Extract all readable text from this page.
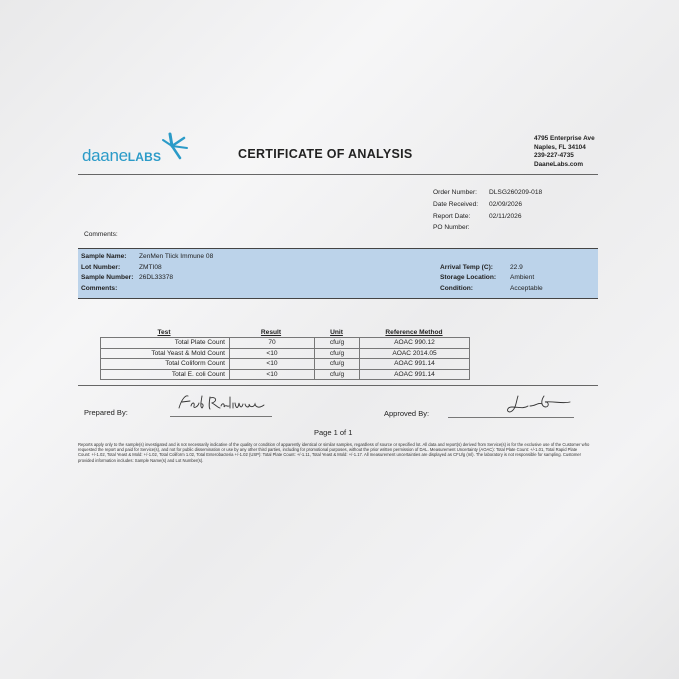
daaneLABS	CERTIFICATE OF ANALYSIS
4795 Enterprise Ave
Naples, FL 34104
239-227-4735
DaaneLabs.com
Order Number:	DLSG260209-018
Date Received:	02/09/2026
Report Date:	02/11/2026
PO Number:
Comments:
Sample Name:	ZenMen Tlick Immune 08
Lot Number:	ZMTI08
Sample Number: 26DL33378
Comments:
Arrival Temp (C):	22.9
Storage Location:	Ambient
Condition:	Acceptable
Test	Result	Unit	Reference Method
Total Plate Count	70	cfu/g	AOAC 990.12
Total Yeast & Mold Count	<10	cfu/g	AOAC 2014.05
Total Coliform Count	<10	cfu/g	AOAC 991.14
Total E. coli Count	<10	cfu/g	AOAC 991.14
Prepared By:	Approved By:
Page 1 of 1
Reports apply only to the sample(s) investigated and is not necessarily indicative of the quality or condition of apparently identical or similar samples, regardless of source or specified lot. All data and report(s) derived from Service(s) is for the exclusive use of the Customer who requested the report and paid for Service(s), and not for public dissemination or use by any other third parties, including for promotional purposes, without the prior written permission of DAL. Measurement Uncertainty (AOAC): Total Plate Count: +/-1.01, Total Rapid Plate Count: +/-1.02, Total Yeast & Mold: +/-1.02, Total Coliform 1.02, Total Enterobacteria +/-1.02 (USP): Total Plate Count: +/-1.11, Total Yeast & Mold: +/-1.17. All measurement uncertainties are displayed as CFU/g (ml). The laboratory is not responsible for sampling. Customer provided information includes: Sample Name(s) and Lot Number(s).
